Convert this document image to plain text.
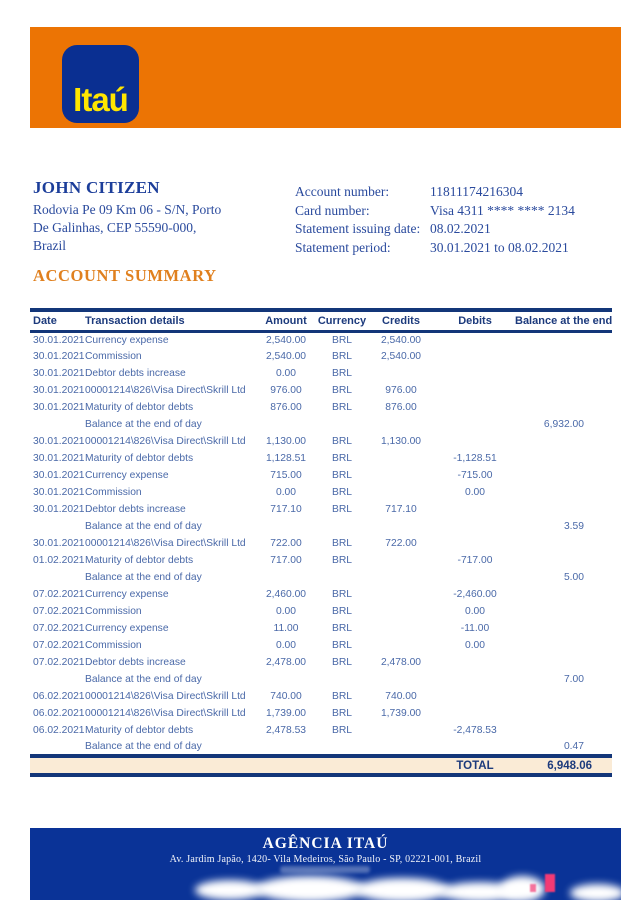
Itaú
JOHN CITIZEN
Rodovia Pe 09 Km 06 - S/N, Porto
De Galinhas, CEP 55590-000,
Brazil
Account number:	11811174216304
Card number:	Visa 4311 **** **** 2134
Statement issuing date: 08.02.2021
Statement period:	30.01.2021 to 08.02.2021
ACCOUNT SUMMARY
Date	Transaction details	Amount	Currency	Credits	Debits	Balance at the end
30.01.2021	Currency expense	2,540.00	BRL	2,540.00		
30.01.2021	Commission	2,540.00	BRL	2,540.00		
30.01.2021	Debtor debts increase	0.00	BRL			
30.01.2021	00001214\826\Visa Direct\Skrill Ltd	976.00	BRL	976.00		
30.01.2021	Maturity of debtor debts	876.00	BRL	876.00		
	Balance at the end of day					6,932.00
30.01.2021	00001214\826\Visa Direct\Skrill Ltd	1,130.00	BRL	1,130.00		
30.01.2021	Maturity of debtor debts	1,128.51	BRL		-1,128.51	
30.01.2021	Currency expense	715.00	BRL		-715.00	
30.01.2021	Commission	0.00	BRL		0.00	
30.01.2021	Debtor debts increase	717.10	BRL	717.10		
	Balance at the end of day					3.59
30.01.2021	00001214\826\Visa Direct\Skrill Ltd	722.00	BRL	722.00		
01.02.2021	Maturity of debtor debts	717.00	BRL		-717.00	
	Balance at the end of day					5.00
07.02.2021	Currency expense	2,460.00	BRL		-2,460.00	
07.02.2021	Commission	0.00	BRL		0.00	
07.02.2021	Currency expense	11.00	BRL		-11.00	
07.02.2021	Commission	0.00	BRL		0.00	
07.02.2021	Debtor debts increase	2,478.00	BRL	2,478.00		
	Balance at the end of day					7.00
06.02.2021	00001214\826\Visa Direct\Skrill Ltd	740.00	BRL	740.00		
06.02.2021	00001214\826\Visa Direct\Skrill Ltd	1,739.00	BRL	1,739.00		
06.02.2021	Maturity of debtor debts	2,478.53	BRL		-2,478.53	
	Balance at the end of day					0.47
					TOTAL	6,948.06
AGÊNCIA ITAÚ
Av. Jardim Japão, 1420- Vila Medeiros, São Paulo - SP, 02221-001, Brazil
